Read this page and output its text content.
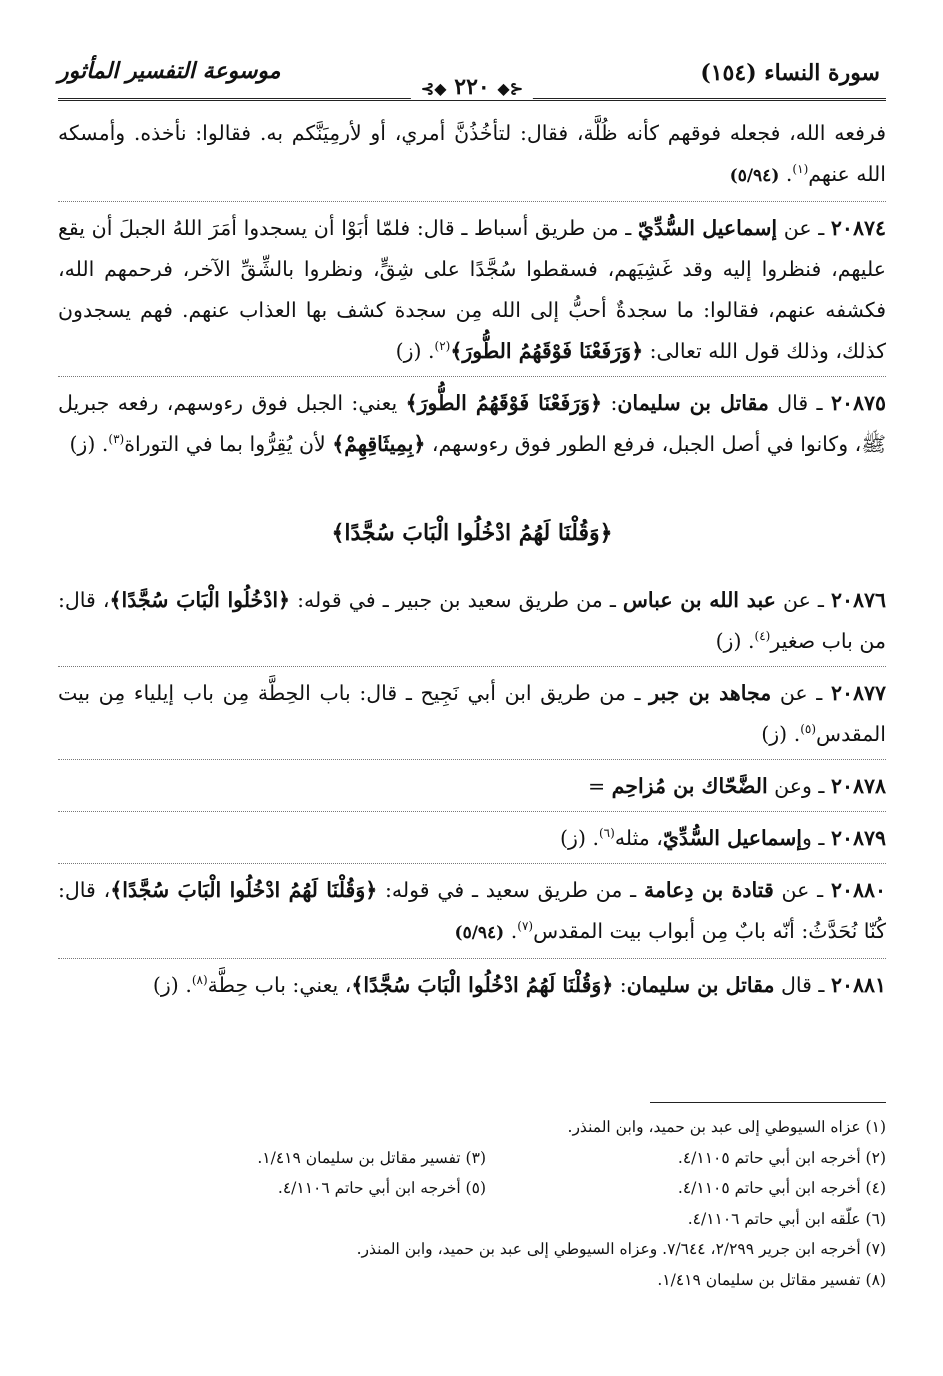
سورة النساء (١٥٤)
⊰◆ ٢٢٠ ◆⊱
موسوعة التفسير المأثور

فرفعه الله، فجعله فوقهم كأنه ظُلَّة، فقال: لتأخُذُنَّ أمري، أو لأرمِيَنَّكم به. فقالوا: نأخذه. وأمسكه الله عنهم$^{(١)}$. (٥/٩٤)

٢٠٨٧٤ ـ عن إسماعيل السُّدِّيّ ـ من طريق أسباط ـ قال: فلمّا أبَوْا أن يسجدوا أمَرَ اللهُ الجبلَ أن يقع عليهم، فنظروا إليه وقد غَشِيَهم، فسقطوا سُجَّدًا على شِقٍّ، ونظروا بالشِّقِّ الآخر، فرحمهم الله، فكشفه عنهم، فقالوا: ما سجدةٌ أحبُّ إلى الله مِن سجدة كشف بها العذاب عنهم. فهم يسجدون كذلك، وذلك قول الله تعالى: ﴿وَرَفَعْنَا فَوْقَهُمُ الطُّورَ﴾$^{(٢)}$. (ز)

٢٠٨٧٥ ـ قال مقاتل بن سليمان: ﴿وَرَفَعْنَا فَوْقَهُمُ الطُّورَ﴾ يعني: الجبل فوق رءوسهم، رفعه جبريل ﷺ، وكانوا في أصل الجبل، فرفع الطور فوق رءوسهم، ﴿بِمِيثَاقِهِمْ﴾ لأن يُقِرُّوا بما في التوراة$^{(٣)}$. (ز)

﴿وَقُلْنَا لَهُمُ ادْخُلُوا الْبَابَ سُجَّدًا﴾

٢٠٨٧٦ ـ عن عبد الله بن عباس ـ من طريق سعيد بن جبير ـ في قوله: ﴿ادْخُلُوا الْبَابَ سُجَّدًا﴾، قال: من باب صغير$^{(٤)}$. (ز)

٢٠٨٧٧ ـ عن مجاهد بن جبر ـ من طريق ابن أبي نَجِيح ـ قال: باب الحِطَّة مِن باب إيلياء مِن بيت المقدس$^{(٥)}$. (ز)

٢٠٨٧٨ ـ وعن الضَّحّاك بن مُزاحِم =

٢٠٨٧٩ ـ وإسماعيل السُّدِّيّ، مثله$^{(٦)}$. (ز)

٢٠٨٨٠ ـ عن قتادة بن دِعامة ـ من طريق سعيد ـ في قوله: ﴿وَقُلْنَا لَهُمُ ادْخُلُوا الْبَابَ سُجَّدًا﴾، قال: كُنّا نُحَدَّثُ: أنّه بابٌ مِن أبواب بيت المقدس$^{(٧)}$. (٥/٩٤)

٢٠٨٨١ ـ قال مقاتل بن سليمان: ﴿وَقُلْنَا لَهُمُ ادْخُلُوا الْبَابَ سُجَّدًا﴾، يعني: باب حِطَّة$^{(٨)}$. (ز)

(١) عزاه السيوطي إلى عبد بن حميد، وابن المنذر.
(٢) أخرجه ابن أبي حاتم ٤/١١٠٥.
(٣) تفسير مقاتل بن سليمان ١/٤١٩.
(٤) أخرجه ابن أبي حاتم ٤/١١٠٥.
(٥) أخرجه ابن أبي حاتم ٤/١١٠٦.
(٦) علّقه ابن أبي حاتم ٤/١١٠٦.
(٧) أخرجه ابن جرير ٢/٢٩٩، ٧/٦٤٤. وعزاه السيوطي إلى عبد بن حميد، وابن المنذر.
(٨) تفسير مقاتل بن سليمان ١/٤١٩.
